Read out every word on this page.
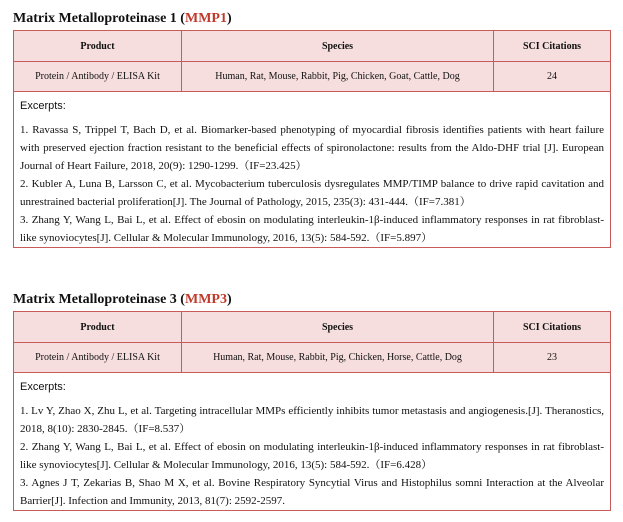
Matrix Metalloproteinase 1 (MMP1)
Product	Species	SCI Citations
Protein / Antibody / ELISA Kit	Human, Rat, Mouse, Rabbit, Pig, Chicken, Goat, Cattle, Dog	24
Excerpts:
1. Ravassa S, Trippel T, Bach D, et al. Biomarker-based phenotyping of myocardial fibrosis identifies patients with heart failure with preserved ejection fraction resistant to the beneficial effects of spironolactone: results from the Aldo-DHF trial [J]. European Journal of Heart Failure, 2018, 20(9): 1290-1299.（IF=23.425）
2. Kubler A, Luna B, Larsson C, et al. Mycobacterium tuberculosis dysregulates MMP/TIMP balance to drive rapid cavitation and unrestrained bacterial proliferation[J]. The Journal of Pathology, 2015, 235(3): 431-444.（IF=7.381）
3. Zhang Y, Wang L, Bai L, et al. Effect of ebosin on modulating interleukin-1β-induced inflammatory responses in rat fibroblast-like synoviocytes[J]. Cellular & Molecular Immunology, 2016, 13(5): 584-592.（IF=5.897）
Matrix Metalloproteinase 3 (MMP3)
Product	Species	SCI Citations
Protein / Antibody / ELISA Kit	Human, Rat, Mouse, Rabbit, Pig, Chicken, Horse, Cattle, Dog	23
Excerpts:
1. Lv Y, Zhao X, Zhu L, et al. Targeting intracellular MMPs efficiently inhibits tumor metastasis and angiogenesis.[J]. Theranostics, 2018, 8(10): 2830-2845.（IF=8.537）
2. Zhang Y, Wang L, Bai L, et al. Effect of ebosin on modulating interleukin-1β-induced inflammatory responses in rat fibroblast-like synoviocytes[J]. Cellular & Molecular Immunology, 2016, 13(5): 584-592.（IF=6.428）
3. Agnes J T, Zekarias B, Shao M X, et al. Bovine Respiratory Syncytial Virus and Histophilus somni Interaction at the Alveolar Barrier[J]. Infection and Immunity, 2013, 81(7): 2592-2597.
